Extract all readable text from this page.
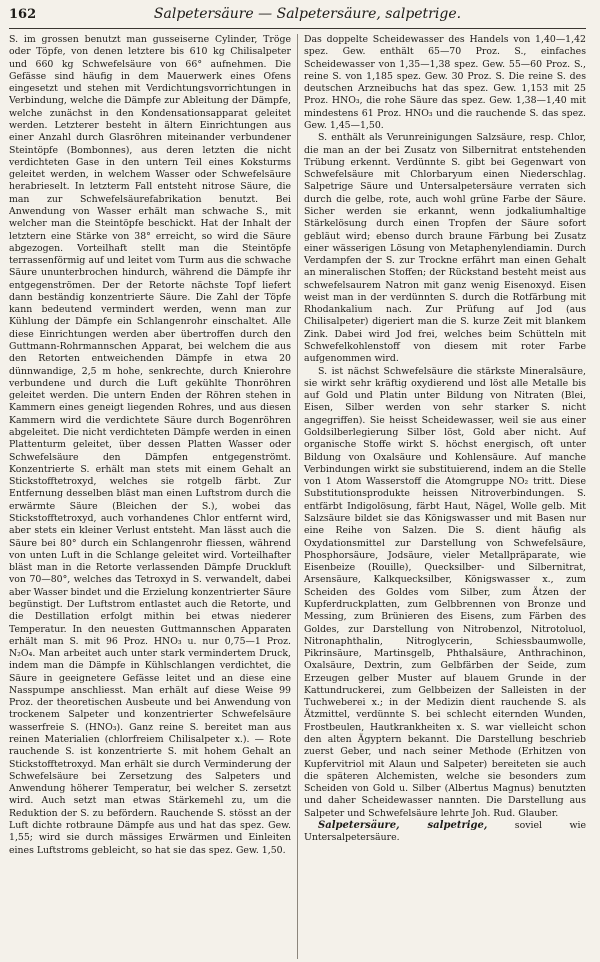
162	Salpetersäure — Salpetersäure, salpetrige.

S. im grossen benutzt man gusseiserne Cylinder, Tröge oder Töpfe, von denen letztere bis 610 kg Chilisalpeter und 660 kg Schwefelsäure von 66° aufnehmen. Die Gefässe sind häufig in dem Mauerwerk eines Ofens eingesetzt und stehen mit Verdichtungsvorrichtungen in Verbindung, welche die Dämpfe zur Ableitung der Dämpfe, welche zunächst in den Kondensationsapparat geleitet werden. Letzterer besteht in ältern Einrichtungen aus einer Anzahl durch Glasröhren miteinander verbundener Steintöpfe (Bombonnes), aus deren letzten die nicht verdichteten Gase in den untern Teil eines Koksturms geleitet werden, in welchem Wasser oder Schwefelsäure herabrieselt. In letzterm Fall entsteht nitrose Säure, die man zur Schwefelsäurefabrikation benutzt. Bei Anwendung von Wasser erhält man schwache S., mit welcher man die Steintöpfe beschickt. Hat der Inhalt der letztern eine Stärke von 38° erreicht, so wird die Säure abgezogen. Vorteilhaft stellt man die Steintöpfe terrassenförmig auf und leitet vom Turm aus die schwache Säure ununterbrochen hindurch, während die Dämpfe ihr entgegenströmen. Der der Retorte nächste Topf liefert dann beständig konzentrierte Säure. Die Zahl der Töpfe kann bedeutend vermindert werden, wenn man zur Kühlung der Dämpfe ein Schlangenrohr einschaltet. Alle diese Einrichtungen werden aber übertroffen durch den Guttmann-Rohrmannschen Apparat, bei welchem die aus den Retorten entweichenden Dämpfe in etwa 20 dünnwandige, 2,5 m hohe, senkrechte, durch Knierohre verbundene und durch die Luft gekühlte Thonröhren geleitet werden. Die untern Enden der Röhren stehen in Kammern eines geneigt liegenden Rohres, und aus diesen Kammern wird die verdichtete Säure durch Bogenröhren abgeleitet. Die nicht verdichteten Dämpfe werden in einen Plattenturm geleitet, über dessen Platten Wasser oder Schwefelsäure den Dämpfen entgegenströmt. Konzentrierte S. erhält man stets mit einem Gehalt an Stickstofftetroxyd, welches sie rotgelb färbt. Zur Entfernung desselben bläst man einen Luftstrom durch die erwärmte Säure (Bleichen der S.), wobei das Stickstofftetroxyd, auch vorhandenes Chlor entfernt wird, aber stets ein kleiner Verlust entsteht. Man lässt auch die Säure bei 80° durch ein Schlangenrohr fliessen, während von unten Luft in die Schlange geleitet wird. Vorteilhafter bläst man in die Retorte verlassenden Dämpfe Druckluft von 70—80°, welches das Tetroxyd in S. verwandelt, dabei aber Wasser bindet und die Erzielung konzentrierter Säure begünstigt. Der Luftstrom entlastet auch die Retorte, und die Destillation erfolgt mithin bei etwas niederer Temperatur. In den neuesten Guttmannschen Apparaten erhält man S. mit 96 Proz. HNO₃ u. nur 0,75—1 Proz. N₂O₄. Man arbeitet auch unter stark vermindertem Druck, indem man die Dämpfe in Kühlschlangen verdichtet, die Säure in geeignetere Gefässe leitet und an diese eine Nasspumpe anschliesst. Man erhält auf diese Weise 99 Proz. der theoretischen Ausbeute und bei Anwendung von trockenem Salpeter und konzentrierter Schwefelsäure wasserfreie S. (HNO₃). Ganz reine S. bereitet man aus reinen Materialien (chlorfreiem Chilisalpeter x.). — Rote rauchende S. ist konzentrierte S. mit hohem Gehalt an Stickstofftetroxyd. Man erhält sie durch Verminderung der Schwefelsäure bei Zersetzung des Salpeters und Anwendung höherer Temperatur, bei welcher S. zersetzt wird. Auch setzt man etwas Stärkemehl zu, um die Reduktion der S. zu befördern. Rauchende S. stösst an der Luft dichte rotbraune Dämpfe aus und hat das spez. Gew. 1,55; wird sie durch mässiges Erwärmen und Einleiten eines Luftstroms gebleicht, so hat sie das spez. Gew. 1,50.

Das doppelte Scheidewasser des Handels von 1,40—1,42 spez. Gew. enthält 65—70 Proz. S., einfaches Scheidewasser von 1,35—1,38 spez. Gew. 55—60 Proz. S., reine S. von 1,185 spez. Gew. 30 Proz. S. Die reine S. des deutschen Arzneibuchs hat das spez. Gew. 1,153 mit 25 Proz. HNO₃, die rohe Säure das spez. Gew. 1,38—1,40 mit mindestens 61 Proz. HNO₃ und die rauchende S. das spez. Gew. 1,45—1,50.

S. enthält als Verunreinigungen Salzsäure, resp. Chlor, die man an der bei Zusatz von Silbernitrat entstehenden Trübung erkennt. Verdünnte S. gibt bei Gegenwart von Schwefelsäure mit Chlorbaryum einen Niederschlag. Salpetrige Säure und Untersalpetersäure verraten sich durch die gelbe, rote, auch wohl grüne Farbe der Säure. Sicher werden sie erkannt, wenn jodkaliumhaltige Stärkelösung durch einen Tropfen der Säure sofort gebläut wird; ebenso durch braune Färbung bei Zusatz einer wässerigen Lösung von Metaphenylendiamin. Durch Verdampfen der S. zur Trockne erfährt man einen Gehalt an mineralischen Stoffen; der Rückstand besteht meist aus schwefelsaurem Natron mit ganz wenig Eisenoxyd. Eisen weist man in der verdünnten S. durch die Rotfärbung mit Rhodankalium nach. Zur Prüfung auf Jod (aus Chilisalpeter) digeriert man die S. kurze Zeit mit blankem Zink. Dabei wird Jod frei, welches beim Schütteln mit Schwefelkohlenstoff von diesem mit roter Farbe aufgenommen wird.

S. ist nächst Schwefelsäure die stärkste Mineralsäure, sie wirkt sehr kräftig oxydierend und löst alle Metalle bis auf Gold und Platin unter Bildung von Nitraten (Blei, Eisen, Silber werden von sehr starker S. nicht angegriffen). Sie heisst Scheidewasser, weil sie aus einer Goldsilberlegierung Silber löst, Gold aber nicht. Auf organische Stoffe wirkt S. höchst energisch, oft unter Bildung von Oxalsäure und Kohlensäure. Auf manche Verbindungen wirkt sie substituierend, indem an die Stelle von 1 Atom Wasserstoff die Atomgruppe NO₂ tritt. Diese Substitutionsprodukte heissen Nitroverbindungen. S. entfärbt Indigolösung, färbt Haut, Nägel, Wolle gelb. Mit Salzsäure bildet sie das Königswasser und mit Basen nur eine Reihe von Salzen. Die S. dient häufig als Oxydationsmittel zur Darstellung von Schwefelsäure, Phosphorsäure, Jodsäure, vieler Metallpräparate, wie Eisenbeize (Rouille), Quecksilber- und Silbernitrat, Arsensäure, Kalkquecksilber, Königswasser x., zum Scheiden des Goldes vom Silber, zum Ätzen der Kupferdruckplatten, zum Gelbbrennen von Bronze und Messing, zum Brünieren des Eisens, zum Färben des Goldes, zur Darstellung von Nitrobenzol, Nitrotoluol, Nitronaphthalin, Nitroglycerin, Schiessbaumwolle, Pikrinsäure, Martinsgelb, Phthalsäure, Anthrachinon, Oxalsäure, Dextrin, zum Gelbfärben der Seide, zum Erzeugen gelber Muster auf blauem Grunde in der Kattundruckerei, zum Gelbbeizen der Salleisten in der Tuchweberei x.; in der Medizin dient rauchende S. als Ätzmittel, verdünnte S. bei schlecht eiternden Wunden, Frostbeulen, Hautkrankheiten x. S. war vielleicht schon den alten Ägyptern bekannt. Die Darstellung beschrieb zuerst Geber, und nach seiner Methode (Erhitzen von Kupfervitriol mit Alaun und Salpeter) bereiteten sie auch die späteren Alchemisten, welche sie besonders zum Scheiden von Gold u. Silber (Albertus Magnus) benutzten und daher Scheidewasser nannten. Die Darstellung aus Salpeter und Schwefelsäure lehrte Joh. Rud. Glauber.

Salpetersäure, salpetrige,	soviel wie Untersalpetersäure.
